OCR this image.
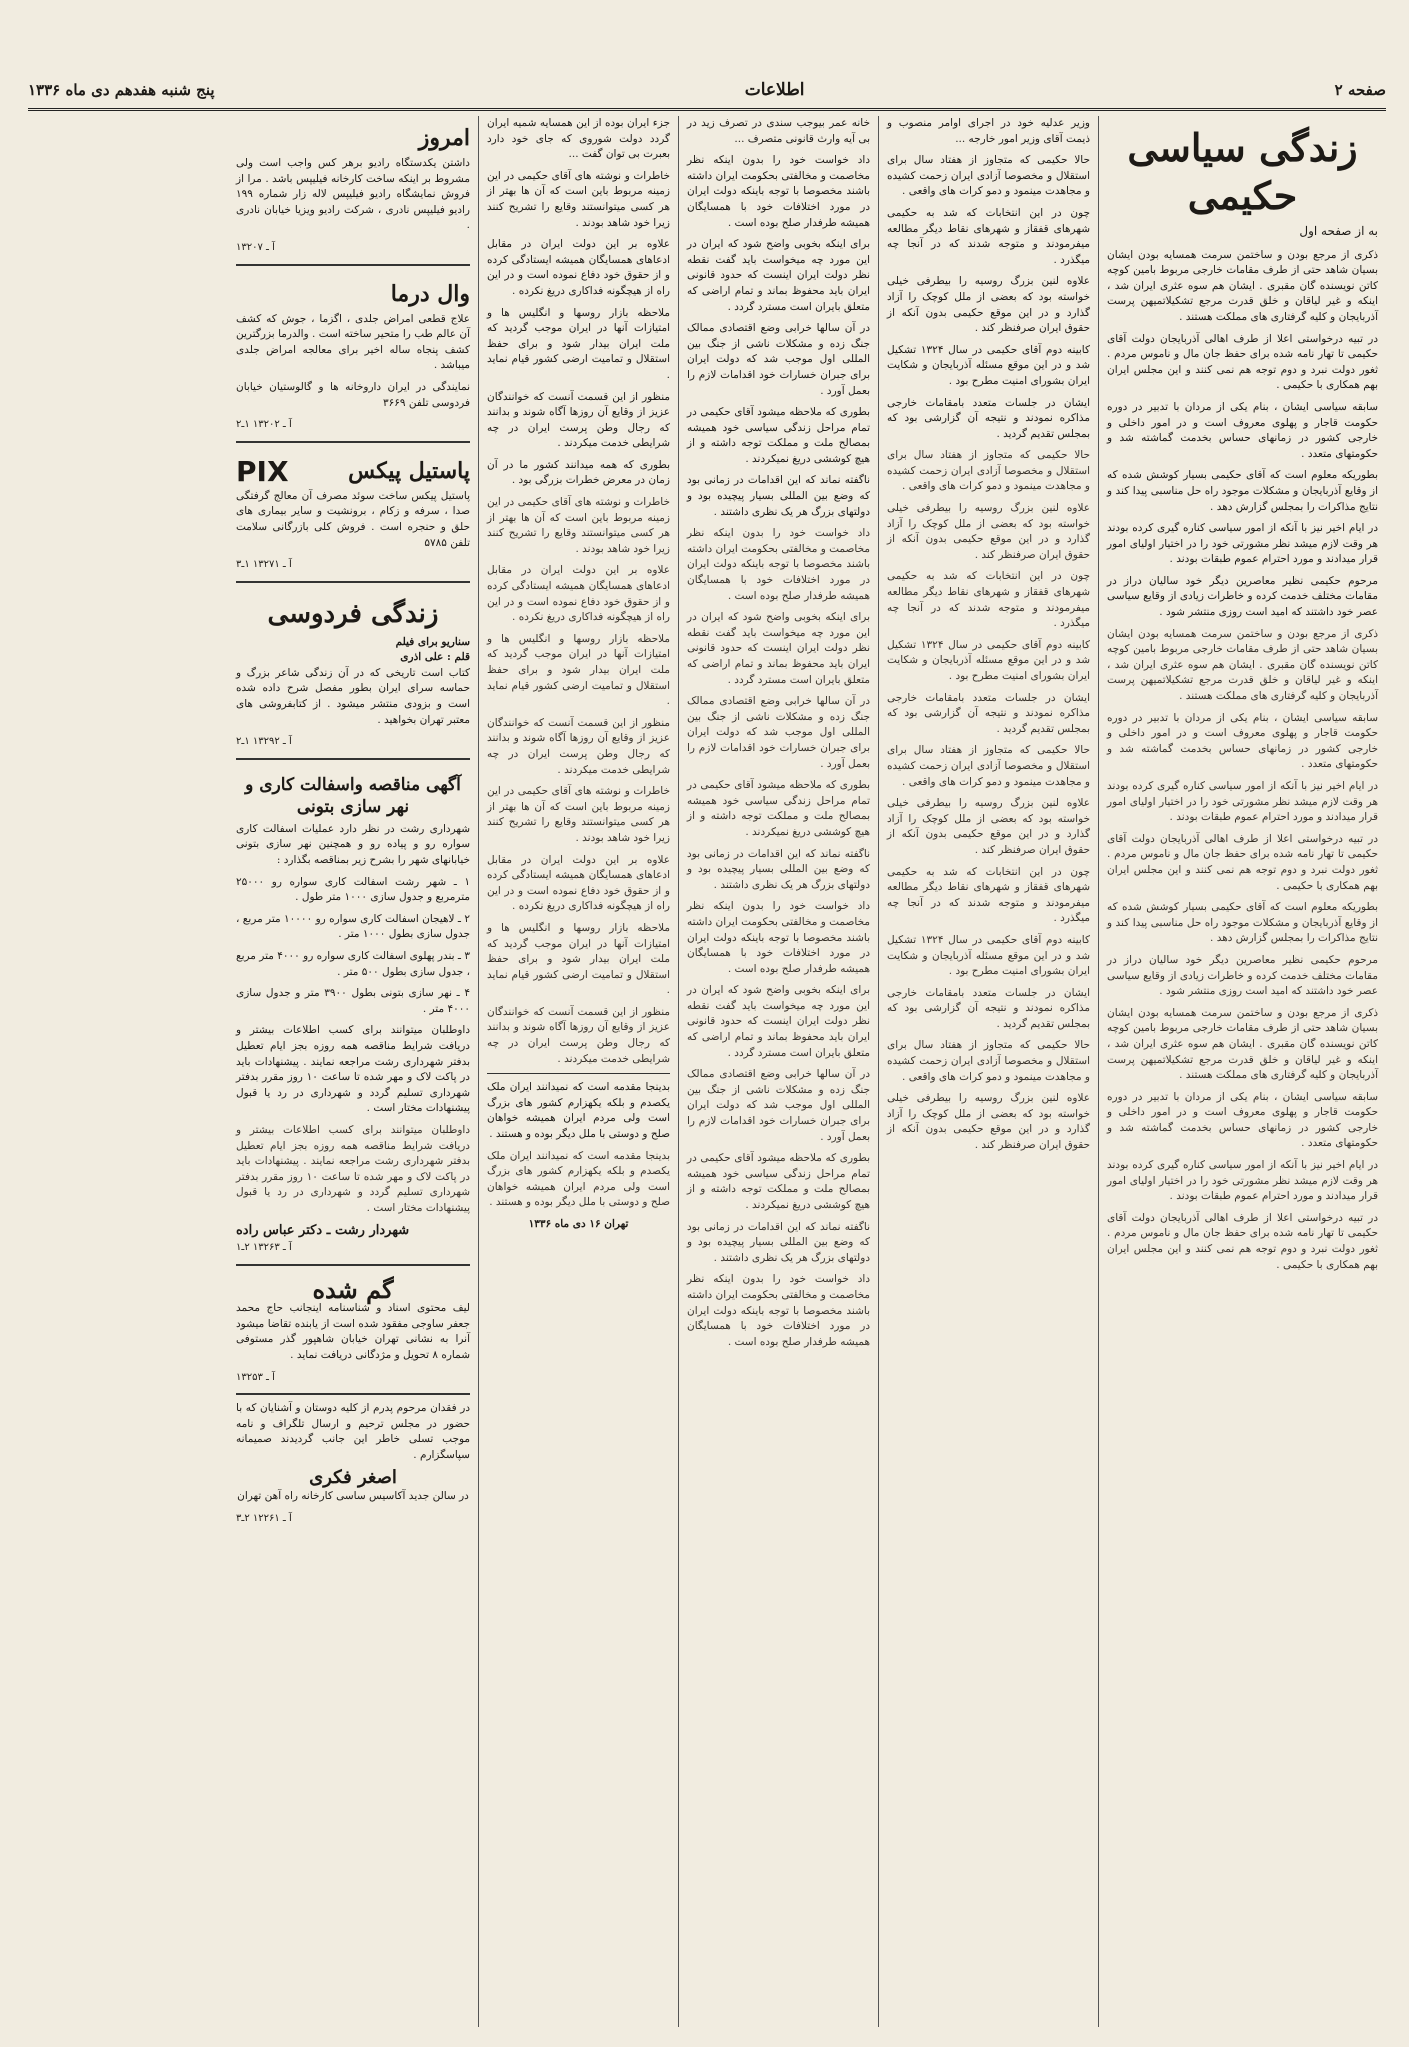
صفحه ۲
اطلاعات
پنج شنبه هفدهم دی ماه ۱۳۳۶
زندگی سیاسی حکیمی
به از صفحه اول

ذکری از مرجع بودن و ساختمن سرمت همسایه بودن ایشان بسیان شاهد حتی از طرف مقامات خارجی مربوط بامین کوچه کاتن نویسنده گان مقبری . ایشان هم سوه عثری ایران شد ، اینکه و غیر لیاقان و خلق قدرت مرجع تشکیلاتمیهن پرست آذربایجان و کلیه گرفتاری های مملکت هستند .

در تبیه درخواستی اعلا از طرف اهالی آذربایجان دولت آقای حکیمی تا تهار نامه شده برای حفظ جان مال و ناموس مردم . ثغور دولت نبرد و دوم توجه هم نمی کنند و این مجلس ایران بهم همکاری با حکیمی .

سابقه سیاسی ایشان ، بنام یکی از مردان با تدبیر در دوره حکومت قاجار و پهلوی معروف است و در امور داخلی و خارجی کشور در زمانهای حساس بخدمت گماشته شد و حکومتهای متعدد .

بطوریکه معلوم است که آقای حکیمی بسیار کوشش شده که از وقایع آذربایجان و مشکلات موجود راه حل مناسبی پیدا کند و نتایج مذاکرات را بمجلس گزارش دهد .

در ایام اخیر نیز با آنکه از امور سیاسی کناره گیری کرده بودند هر وقت لازم میشد نظر مشورتی خود را در اختیار اولیای امور قرار میدادند و مورد احترام عموم طبقات بودند .

مرحوم حکیمی نظیر معاصرین دیگر خود سالیان دراز در مقامات مختلف خدمت کرده و خاطرات زیادی از وقایع سیاسی عصر خود داشتند که امید است روزی منتشر شود .

ذکری از مرجع بودن و ساختمن سرمت همسایه بودن ایشان بسیان شاهد حتی از طرف مقامات خارجی مربوط بامین کوچه کاتن نویسنده گان مقبری . ایشان هم سوه عثری ایران شد ، اینکه و غیر لیاقان و خلق قدرت مرجع تشکیلاتمیهن پرست آذربایجان و کلیه گرفتاری های مملکت هستند .

سابقه سیاسی ایشان ، بنام یکی از مردان با تدبیر در دوره حکومت قاجار و پهلوی معروف است و در امور داخلی و خارجی کشور در زمانهای حساس بخدمت گماشته شد و حکومتهای متعدد .

در ایام اخیر نیز با آنکه از امور سیاسی کناره گیری کرده بودند هر وقت لازم میشد نظر مشورتی خود را در اختیار اولیای امور قرار میدادند و مورد احترام عموم طبقات بودند .

در تبیه درخواستی اعلا از طرف اهالی آذربایجان دولت آقای حکیمی تا تهار نامه شده برای حفظ جان مال و ناموس مردم . ثغور دولت نبرد و دوم توجه هم نمی کنند و این مجلس ایران بهم همکاری با حکیمی .

بطوریکه معلوم است که آقای حکیمی بسیار کوشش شده که از وقایع آذربایجان و مشکلات موجود راه حل مناسبی پیدا کند و نتایج مذاکرات را بمجلس گزارش دهد .

مرحوم حکیمی نظیر معاصرین دیگر خود سالیان دراز در مقامات مختلف خدمت کرده و خاطرات زیادی از وقایع سیاسی عصر خود داشتند که امید است روزی منتشر شود .

ذکری از مرجع بودن و ساختمن سرمت همسایه بودن ایشان بسیان شاهد حتی از طرف مقامات خارجی مربوط بامین کوچه کاتن نویسنده گان مقبری . ایشان هم سوه عثری ایران شد ، اینکه و غیر لیاقان و خلق قدرت مرجع تشکیلاتمیهن پرست آذربایجان و کلیه گرفتاری های مملکت هستند .

سابقه سیاسی ایشان ، بنام یکی از مردان با تدبیر در دوره حکومت قاجار و پهلوی معروف است و در امور داخلی و خارجی کشور در زمانهای حساس بخدمت گماشته شد و حکومتهای متعدد .

در ایام اخیر نیز با آنکه از امور سیاسی کناره گیری کرده بودند هر وقت لازم میشد نظر مشورتی خود را در اختیار اولیای امور قرار میدادند و مورد احترام عموم طبقات بودند .

در تبیه درخواستی اعلا از طرف اهالی آذربایجان دولت آقای حکیمی تا تهار نامه شده برای حفظ جان مال و ناموس مردم . ثغور دولت نبرد و دوم توجه هم نمی کنند و این مجلس ایران بهم همکاری با حکیمی .

وزیر عدلیه خود در اجرای اوامر منصوب و ذیمت آقای وزیر امور خارجه ...

حالا حکیمی که متجاوز از هفتاد سال برای استقلال و مخصوصا آزادی ایران زحمت کشیده و مجاهدت مینمود و دمو کرات های واقعی .

چون در این انتخابات که شد به حکیمی شهرهای قفقاز و شهرهای نقاط دیگر مطالعه میفرمودند و متوجه شدند که در آنجا چه میگذرد .

علاوه لنین بزرگ روسیه را بیطرفی خیلی خواسته بود که بعضی از ملل کوچک را آزاد گذارد و در این موقع حکیمی بدون آنکه از حقوق ایران صرفنظر کند .

کابینه دوم آقای حکیمی در سال ۱۳۲۴ تشکیل شد و در این موقع مسئله آذربایجان و شکایت ایران بشورای امنیت مطرح بود .

ایشان در جلسات متعدد بامقامات خارجی مذاکره نمودند و نتیجه آن گزارشی بود که بمجلس تقدیم گردید .

حالا حکیمی که متجاوز از هفتاد سال برای استقلال و مخصوصا آزادی ایران زحمت کشیده و مجاهدت مینمود و دمو کرات های واقعی .

علاوه لنین بزرگ روسیه را بیطرفی خیلی خواسته بود که بعضی از ملل کوچک را آزاد گذارد و در این موقع حکیمی بدون آنکه از حقوق ایران صرفنظر کند .

چون در این انتخابات که شد به حکیمی شهرهای قفقاز و شهرهای نقاط دیگر مطالعه میفرمودند و متوجه شدند که در آنجا چه میگذرد .

کابینه دوم آقای حکیمی در سال ۱۳۲۴ تشکیل شد و در این موقع مسئله آذربایجان و شکایت ایران بشورای امنیت مطرح بود .

ایشان در جلسات متعدد بامقامات خارجی مذاکره نمودند و نتیجه آن گزارشی بود که بمجلس تقدیم گردید .

حالا حکیمی که متجاوز از هفتاد سال برای استقلال و مخصوصا آزادی ایران زحمت کشیده و مجاهدت مینمود و دمو کرات های واقعی .

علاوه لنین بزرگ روسیه را بیطرفی خیلی خواسته بود که بعضی از ملل کوچک را آزاد گذارد و در این موقع حکیمی بدون آنکه از حقوق ایران صرفنظر کند .

چون در این انتخابات که شد به حکیمی شهرهای قفقاز و شهرهای نقاط دیگر مطالعه میفرمودند و متوجه شدند که در آنجا چه میگذرد .

کابینه دوم آقای حکیمی در سال ۱۳۲۴ تشکیل شد و در این موقع مسئله آذربایجان و شکایت ایران بشورای امنیت مطرح بود .

ایشان در جلسات متعدد بامقامات خارجی مذاکره نمودند و نتیجه آن گزارشی بود که بمجلس تقدیم گردید .

حالا حکیمی که متجاوز از هفتاد سال برای استقلال و مخصوصا آزادی ایران زحمت کشیده و مجاهدت مینمود و دمو کرات های واقعی .

علاوه لنین بزرگ روسیه را بیطرفی خیلی خواسته بود که بعضی از ملل کوچک را آزاد گذارد و در این موقع حکیمی بدون آنکه از حقوق ایران صرفنظر کند .

خانه عمر بیوجب سندی در تصرف زید در بی آیه وارث قانونی متصرف ...

داد خواست خود را بدون اینکه نظر مخاصمت و مخالفتی بحکومت ایران داشته باشند مخصوصا با توجه باینکه دولت ایران در مورد اختلافات خود با همسایگان همیشه طرفدار صلح بوده است .

برای اینکه بخوبی واضح شود که ایران در این مورد چه میخواست باید گفت نقطه نظر دولت ایران اینست که حدود قانونی ایران باید محفوظ بماند و تمام اراضی که متعلق بایران است مسترد گردد .

در آن سالها خرابی وضع اقتصادی ممالک جنگ زده و مشکلات ناشی از جنگ بین المللی اول موجب شد که دولت ایران برای جبران خسارات خود اقدامات لازم را بعمل آورد .

بطوری که ملاحظه میشود آقای حکیمی در تمام مراحل زندگی سیاسی خود همیشه بمصالح ملت و مملکت توجه داشته و از هیچ کوششی دریغ نمیکردند .

ناگفته نماند که این اقدامات در زمانی بود که وضع بین المللی بسیار پیچیده بود و دولتهای بزرگ هر یک نظری داشتند .

داد خواست خود را بدون اینکه نظر مخاصمت و مخالفتی بحکومت ایران داشته باشند مخصوصا با توجه باینکه دولت ایران در مورد اختلافات خود با همسایگان همیشه طرفدار صلح بوده است .

برای اینکه بخوبی واضح شود که ایران در این مورد چه میخواست باید گفت نقطه نظر دولت ایران اینست که حدود قانونی ایران باید محفوظ بماند و تمام اراضی که متعلق بایران است مسترد گردد .

در آن سالها خرابی وضع اقتصادی ممالک جنگ زده و مشکلات ناشی از جنگ بین المللی اول موجب شد که دولت ایران برای جبران خسارات خود اقدامات لازم را بعمل آورد .

بطوری که ملاحظه میشود آقای حکیمی در تمام مراحل زندگی سیاسی خود همیشه بمصالح ملت و مملکت توجه داشته و از هیچ کوششی دریغ نمیکردند .

ناگفته نماند که این اقدامات در زمانی بود که وضع بین المللی بسیار پیچیده بود و دولتهای بزرگ هر یک نظری داشتند .

داد خواست خود را بدون اینکه نظر مخاصمت و مخالفتی بحکومت ایران داشته باشند مخصوصا با توجه باینکه دولت ایران در مورد اختلافات خود با همسایگان همیشه طرفدار صلح بوده است .

برای اینکه بخوبی واضح شود که ایران در این مورد چه میخواست باید گفت نقطه نظر دولت ایران اینست که حدود قانونی ایران باید محفوظ بماند و تمام اراضی که متعلق بایران است مسترد گردد .

در آن سالها خرابی وضع اقتصادی ممالک جنگ زده و مشکلات ناشی از جنگ بین المللی اول موجب شد که دولت ایران برای جبران خسارات خود اقدامات لازم را بعمل آورد .

بطوری که ملاحظه میشود آقای حکیمی در تمام مراحل زندگی سیاسی خود همیشه بمصالح ملت و مملکت توجه داشته و از هیچ کوششی دریغ نمیکردند .

ناگفته نماند که این اقدامات در زمانی بود که وضع بین المللی بسیار پیچیده بود و دولتهای بزرگ هر یک نظری داشتند .

داد خواست خود را بدون اینکه نظر مخاصمت و مخالفتی بحکومت ایران داشته باشند مخصوصا با توجه باینکه دولت ایران در مورد اختلافات خود با همسایگان همیشه طرفدار صلح بوده است .

جزء ایران بوده از این همسایه شمیه ایران گردد دولت شوروی که جای خود دارد بعبرت بی توان گفت ...

خاطرات و نوشته های آقای حکیمی در این زمینه مربوط باین است که آن ها بهتر از هر کسی میتوانستند وقایع را تشریح کنند زیرا خود شاهد بودند .

علاوه بر این دولت ایران در مقابل ادعاهای همسایگان همیشه ایستادگی کرده و از حقوق خود دفاع نموده است و در این راه از هیچگونه فداکاری دریغ نکرده .

ملاحظه بازار روسها و انگلیس ها و امتیازات آنها در ایران موجب گردید که ملت ایران بیدار شود و برای حفظ استقلال و تمامیت ارضی کشور قیام نماید .

منظور از این قسمت آنست که خوانندگان عزیز از وقایع آن روزها آگاه شوند و بدانند که رجال وطن پرست ایران در چه شرایطی خدمت میکردند .

بطوری که همه میدانند کشور ما در آن زمان در معرض خطرات بزرگی بود .

خاطرات و نوشته های آقای حکیمی در این زمینه مربوط باین است که آن ها بهتر از هر کسی میتوانستند وقایع را تشریح کنند زیرا خود شاهد بودند .

علاوه بر این دولت ایران در مقابل ادعاهای همسایگان همیشه ایستادگی کرده و از حقوق خود دفاع نموده است و در این راه از هیچگونه فداکاری دریغ نکرده .

ملاحظه بازار روسها و انگلیس ها و امتیازات آنها در ایران موجب گردید که ملت ایران بیدار شود و برای حفظ استقلال و تمامیت ارضی کشور قیام نماید .

منظور از این قسمت آنست که خوانندگان عزیز از وقایع آن روزها آگاه شوند و بدانند که رجال وطن پرست ایران در چه شرایطی خدمت میکردند .

خاطرات و نوشته های آقای حکیمی در این زمینه مربوط باین است که آن ها بهتر از هر کسی میتوانستند وقایع را تشریح کنند زیرا خود شاهد بودند .

علاوه بر این دولت ایران در مقابل ادعاهای همسایگان همیشه ایستادگی کرده و از حقوق خود دفاع نموده است و در این راه از هیچگونه فداکاری دریغ نکرده .

ملاحظه بازار روسها و انگلیس ها و امتیازات آنها در ایران موجب گردید که ملت ایران بیدار شود و برای حفظ استقلال و تمامیت ارضی کشور قیام نماید .

منظور از این قسمت آنست که خوانندگان عزیز از وقایع آن روزها آگاه شوند و بدانند که رجال وطن پرست ایران در چه شرایطی خدمت میکردند .

بدینجا مقدمه است که نمیدانند ایران ملک یکصدم و بلکه یکهزارم کشور های بزرگ است ولی مردم ایران همیشه خواهان صلح و دوستی با ملل دیگر بوده و هستند .

بدینجا مقدمه است که نمیدانند ایران ملک یکصدم و بلکه یکهزارم کشور های بزرگ است ولی مردم ایران همیشه خواهان صلح و دوستی با ملل دیگر بوده و هستند .

تهران ۱۶ دی ماه ۱۳۳۶
امروز

داشتن یکدستگاه رادیو برهر کس واجب است ولی مشروط بر اینکه ساخت کارخانه فیلیپس باشد . مرا از فروش نمایشگاه رادیو فیلیپس لاله زار شماره ۱۹۹ رادیو فیلیپس نادری ، شرکت رادیو ویزیا خیابان نادری .

آ ـ ۱۳۲۰۷
وال درما

علاج قطعی امراض جلدی ، اگزما ، جوش که کشف آن عالم طب را متحیر ساخته است . والدرما بزرگترین کشف پنجاه ساله اخیر برای معالجه امراض جلدی میباشد .

نمایندگی در ایران داروخانه ها و گالوستیان خیابان فردوسی تلفن ۳۶۶۹

آ ـ ۱۳۲۰۲ ۱ـ۲
پاستیل پیکس
PIX

پاستیل پیکس ساخت سوئد مصرف آن معالج گرفتگی صدا ، سرفه و زکام ، برونشیت و سایر بیماری های حلق و حنجره است . فروش کلی بازرگانی سلامت تلفن ۵۷۸۵

آ ـ ۱۳۲۷۱ ۱ـ۳
زندگی فردوسی
سناریو برای فیلم
قلم : علی اذری

کتاب است تاریخی که در آن زندگی شاعر بزرگ و حماسه سرای ایران بطور مفصل شرح داده شده است و بزودی منتشر میشود . از کتابفروشی های معتبر تهران بخواهید .

آ ـ ۱۳۲۹۲ ۱ـ۲
آگهی مناقصه واسفالت کاری و نهر سازی بتونی

شهرداری رشت در نظر دارد عملیات اسفالت کاری سواره رو و پیاده رو و همچنین نهر سازی بتونی خیابانهای شهر را بشرح زیر بمناقصه بگذارد :

۱ ـ شهر رشت اسفالت کاری سواره رو ۲۵۰۰۰ مترمربع و جدول سازی ۱۰۰۰ متر طول .

۲ ـ لاهیجان اسفالت کاری سواره رو ۱۰۰۰۰ متر مربع ، جدول سازی بطول ۱۰۰۰ متر .

۳ ـ بندر پهلوی اسفالت کاری سواره رو ۴۰۰۰ متر مربع ، جدول سازی بطول ۵۰۰ متر .

۴ ـ نهر سازی بتونی بطول ۳۹۰۰ متر و جدول سازی ۴۰۰۰ متر .

داوطلبان میتوانند برای کسب اطلاعات بیشتر و دریافت شرایط مناقصه همه روزه بجز ایام تعطیل بدفتر شهرداری رشت مراجعه نمایند . پیشنهادات باید در پاکت لاک و مهر شده تا ساعت ۱۰ روز مقرر بدفتر شهرداری تسلیم گردد و شهرداری در رد یا قبول پیشنهادات مختار است .

داوطلبان میتوانند برای کسب اطلاعات بیشتر و دریافت شرایط مناقصه همه روزه بجز ایام تعطیل بدفتر شهرداری رشت مراجعه نمایند . پیشنهادات باید در پاکت لاک و مهر شده تا ساعت ۱۰ روز مقرر بدفتر شهرداری تسلیم گردد و شهرداری در رد یا قبول پیشنهادات مختار است .

شهردار رشت ـ دکتر عباس راده
آ ـ ۱۳۲۶۳ ۲ـ۱
گم شده

لیف محتوی اسناد و شناسنامه اینجانب حاج محمد جعفر ساوجی مفقود شده است از یابنده تقاضا میشود آنرا به نشانی تهران خیابان شاهپور گذر مستوفی شماره ۸ تحویل و مژدگانی دریافت نماید .

آ ـ ۱۳۲۵۳

در فقدان مرحوم پدرم از کلیه دوستان و آشنایان که با حضور در مجلس ترحیم و ارسال تلگراف و نامه موجب تسلی خاطر این جانب گردیدند صمیمانه سپاسگزارم .

اصغر فکری

در سالن جدید آکاسیس ساسی کارخانه راه آهن تهران

آ ـ ۱۲۲۶۱ ۲ـ۳
